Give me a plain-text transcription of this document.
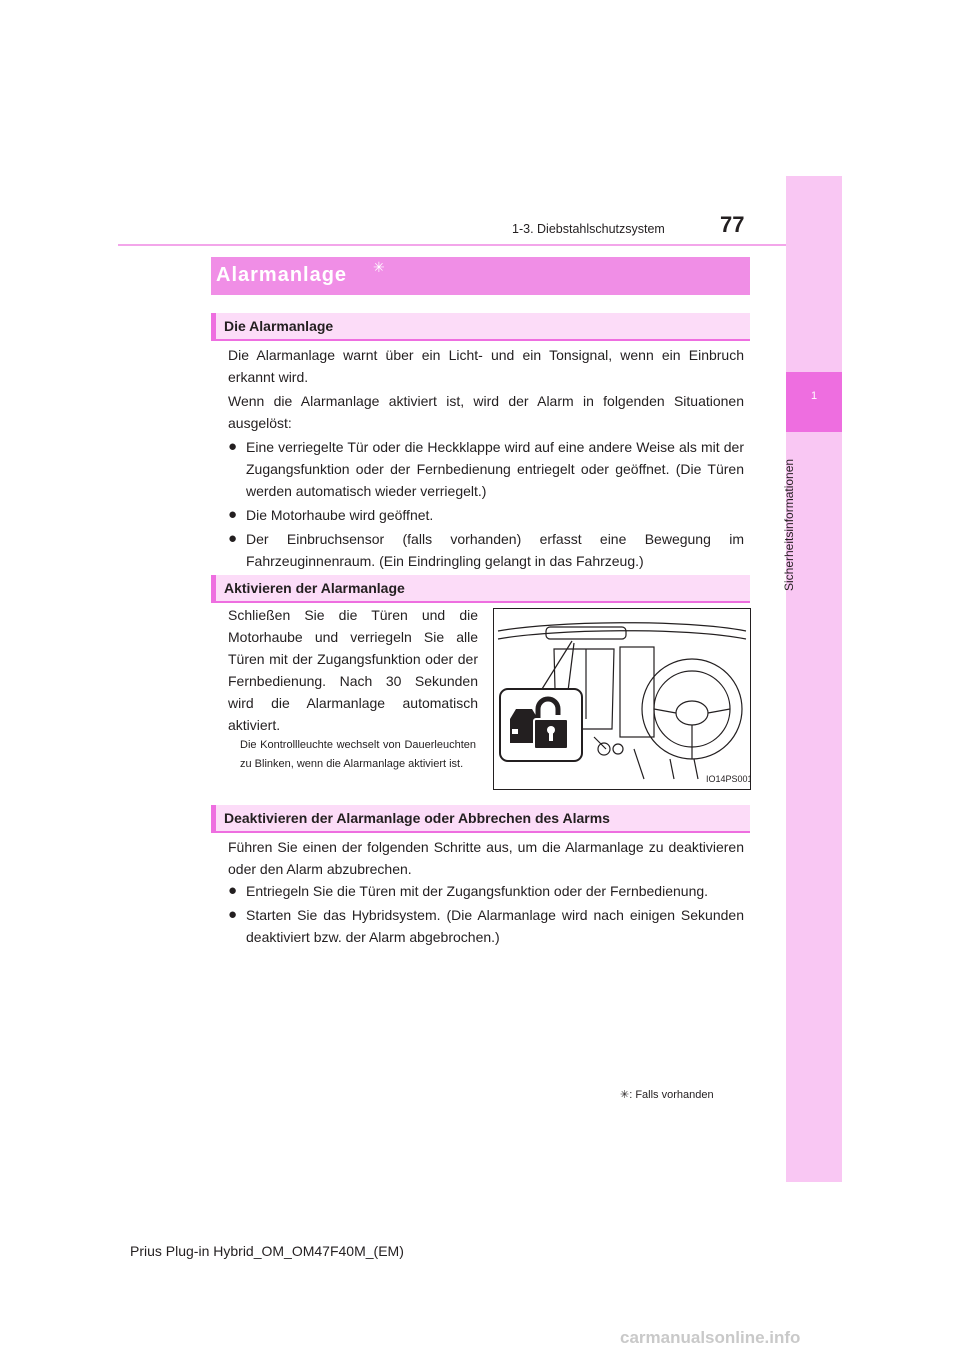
1
Sicherheitsinformationen
77
1-3. Diebstahlschutzsystem
Alarmanlage ✳
Die Alarmanlage

Die Alarmanlage warnt über ein Licht- und ein Tonsignal, wenn ein Einbruch erkannt wird.

Wenn die Alarmanlage aktiviert ist, wird der Alarm in folgenden Situationen ausgelöst:

● Eine verriegelte Tür oder die Heckklappe wird auf eine andere Weise als mit der Zugangsfunktion oder der Fernbedienung entriegelt oder geöffnet. (Die Türen werden automatisch wieder verriegelt.)
● Die Motorhaube wird geöffnet.
● Der Einbruchsensor (falls vorhanden) erfasst eine Bewegung im Fahrzeuginnenraum. (Ein Eindringling gelangt in das Fahrzeug.)
Aktivieren der Alarmanlage

Schließen Sie die Türen und die Motorhaube und verriegeln Sie alle Türen mit der Zugangsfunktion oder der Fernbedienung. Nach 30 Sekunden wird die Alarmanlage automatisch aktiviert.

Die Kontrollleuchte wechselt von Dauerleuchten zu Blinken, wenn die Alarmanlage aktiviert ist.
IO14PS001
Deaktivieren der Alarmanlage oder Abbrechen des Alarms

Führen Sie einen der folgenden Schritte aus, um die Alarmanlage zu deaktivieren oder den Alarm abzubrechen.

● Entriegeln Sie die Türen mit der Zugangsfunktion oder der Fernbedienung.
● Starten Sie das Hybridsystem. (Die Alarmanlage wird nach einigen Sekunden deaktiviert bzw. der Alarm abgebrochen.)
✳: Falls vorhanden
Prius Plug-in Hybrid_OM_OM47F40M_(EM)
carmanualsonline.info
